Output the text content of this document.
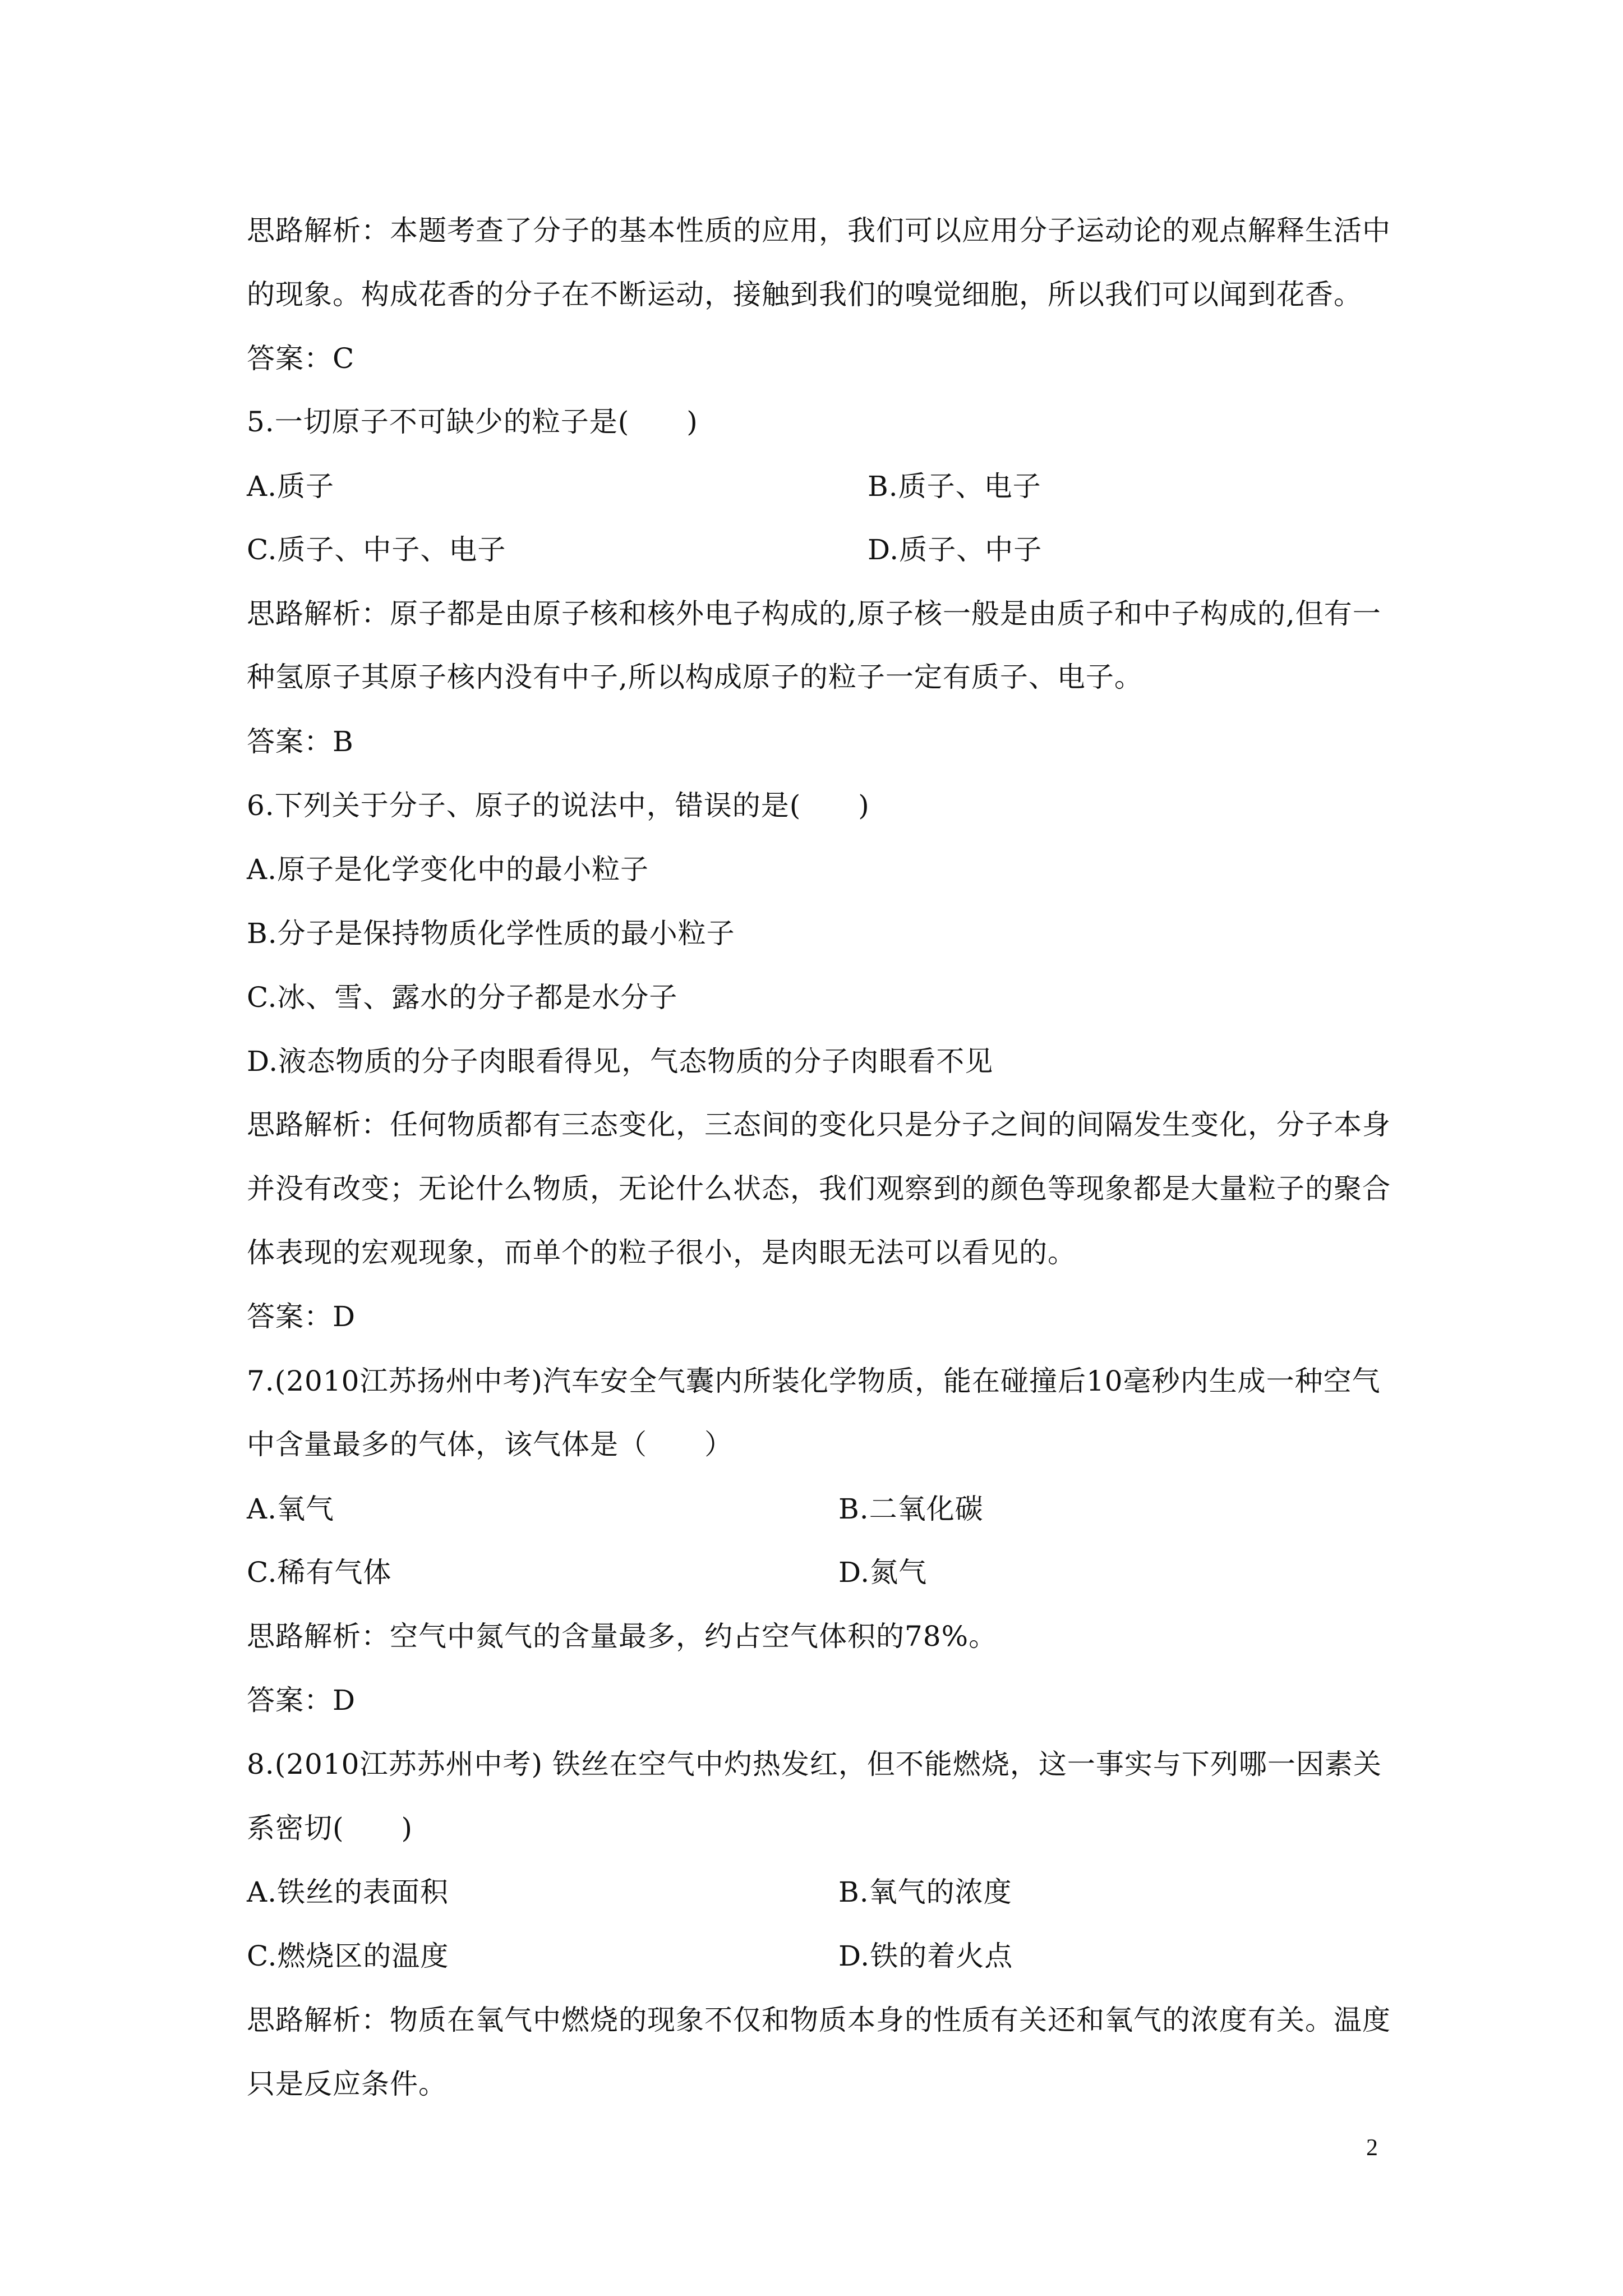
思路解析：本题考查了分子的基本性质的应用，我们可以应用分子运动论的观点解释生活中
的现象。构成花香的分子在不断运动，接触到我们的嗅觉细胞，所以我们可以闻到花香。
答案：C
5.一切原子不可缺少的粒子是(　　)
A.质子	B.质子、电子
C.质子、中子、电子	D.质子、中子
思路解析：原子都是由原子核和核外电子构成的,原子核一般是由质子和中子构成的,但有一
种氢原子其原子核内没有中子,所以构成原子的粒子一定有质子、电子。
答案：B
6.下列关于分子、原子的说法中，错误的是(　　)
A.原子是化学变化中的最小粒子
B.分子是保持物质化学性质的最小粒子
C.冰、雪、露水的分子都是水分子
D.液态物质的分子肉眼看得见，气态物质的分子肉眼看不见
思路解析：任何物质都有三态变化，三态间的变化只是分子之间的间隔发生变化，分子本身
并没有改变；无论什么物质，无论什么状态，我们观察到的颜色等现象都是大量粒子的聚合
体表现的宏观现象，而单个的粒子很小，是肉眼无法可以看见的。
答案：D
7.(2010江苏扬州中考)汽车安全气囊内所装化学物质，能在碰撞后10毫秒内生成一种空气
中含量最多的气体，该气体是（　　）
A.氧气	B.二氧化碳
C.稀有气体	D.氮气
思路解析：空气中氮气的含量最多，约占空气体积的78%。
答案：D
8.(2010江苏苏州中考) 铁丝在空气中灼热发红，但不能燃烧，这一事实与下列哪一因素关
系密切(　　)
A.铁丝的表面积	B.氧气的浓度
C.燃烧区的温度	D.铁的着火点
思路解析：物质在氧气中燃烧的现象不仅和物质本身的性质有关还和氧气的浓度有关。温度
只是反应条件。
2
